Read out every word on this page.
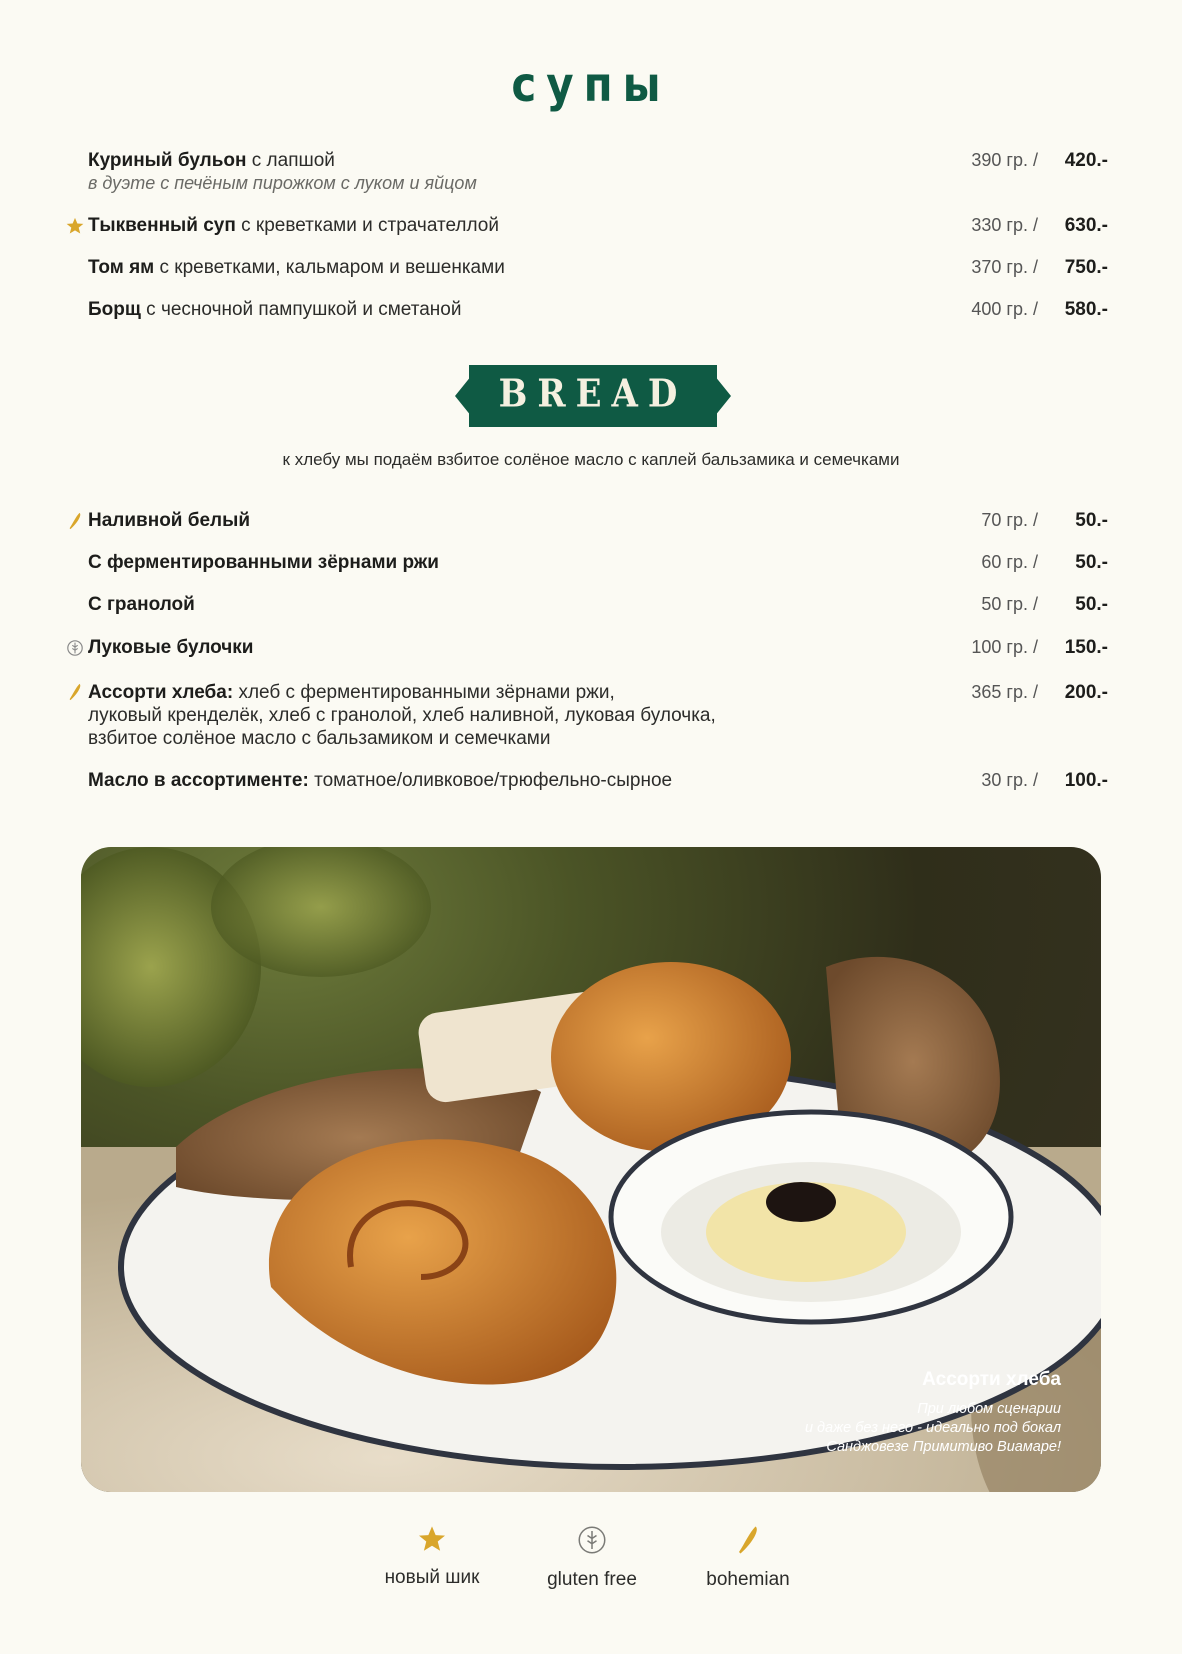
супы
Куриный бульон с лапшой
в дуэте с печёным пирожком с луком и яйцом
390 гр. /	420.-
Тыквенный суп с креветками и страчателлой	330 гр. /	630.-
Том ям с креветками, кальмаром и вешенками	370 гр. /	750.-
Борщ с чесночной пампушкой и сметаной	400 гр. /	580.-
BREAD
к хлебу мы подаём взбитое солёное масло с каплей бальзамика и семечками
Наливной белый	70 гр. /	50.-
С ферментированными зёрнами ржи	60 гр. /	50.-
С гранолой	50 гр. /	50.-
Луковые булочки	100 гр. /	150.-
Ассорти хлеба: хлеб с ферментированными зёрнами ржи,
луковый кренделёк, хлеб с гранолой, хлеб наливной, луковая булочка,
взбитое солёное масло с бальзамиком и семечками
365 гр. /	200.-
Масло в ассортименте: томатное/оливковое/трюфельно-сырное	30 гр. /	100.-
Ассорти хлеба
При любом сценарии
и даже без него - идеально под бокал
Санджовезе Примитиво Виамаре!
новый шик	gluten free	bohemian
